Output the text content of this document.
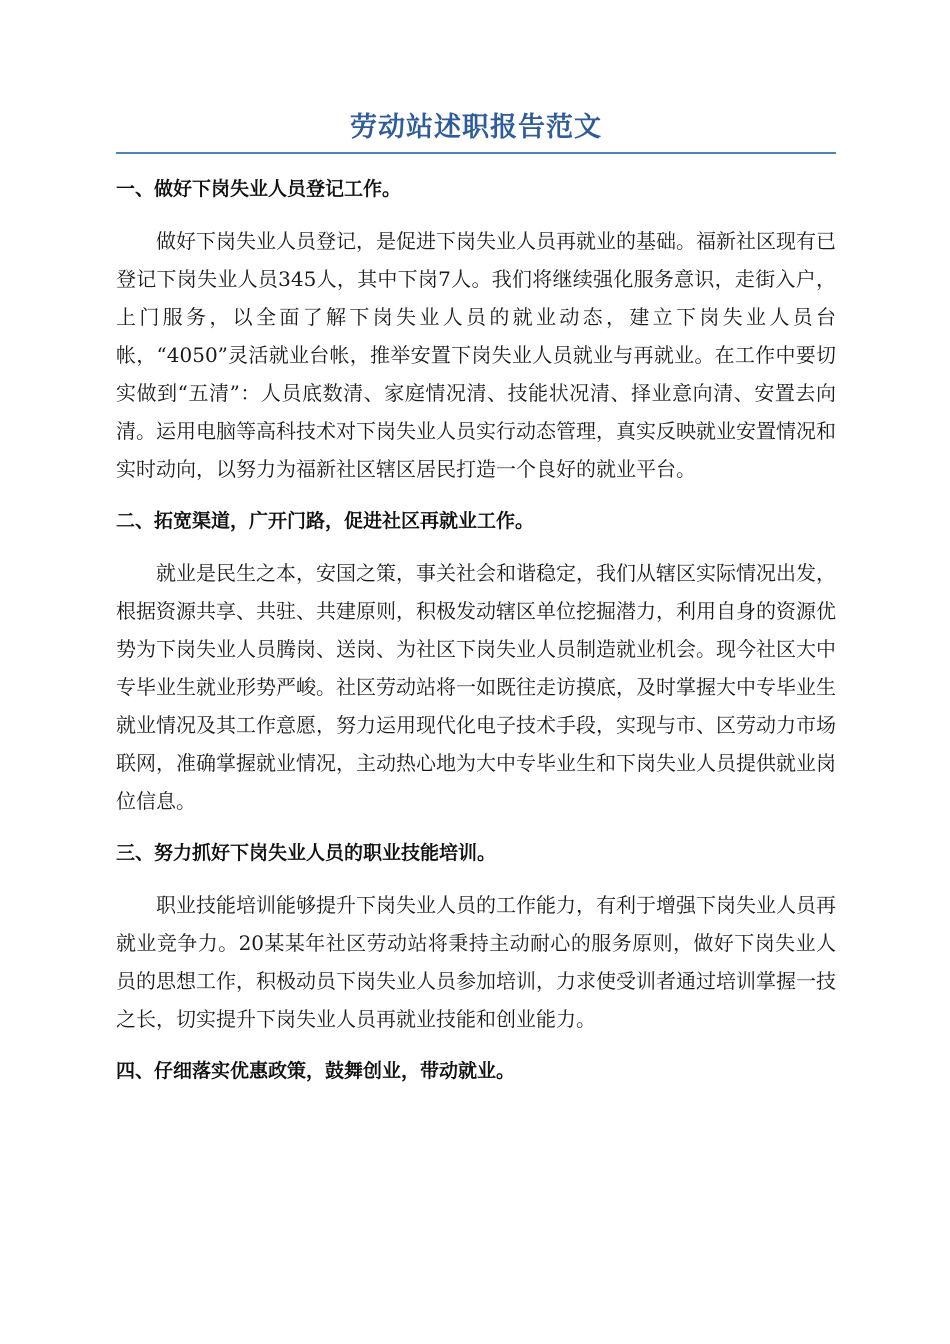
劳动站述职报告范文
一、做好下岗失业人员登记工作。

做好下岗失业人员登记，是促进下岗失业人员再就业的基础。福新社区现有已登记下岗失业人员345人，其中下岗7人。我们将继续强化服务意识，走街入户，上门服务，以全面了解下岗失业人员的就业动态，建立下岗失业人员台帐，“4050”灵活就业台帐，推举安置下岗失业人员就业与再就业。在工作中要切实做到“五清”：人员底数清、家庭情况清、技能状况清、择业意向清、安置去向清。运用电脑等高科技术对下岗失业人员实行动态管理，真实反映就业安置情况和实时动向，以努力为福新社区辖区居民打造一个良好的就业平台。

二、拓宽渠道，广开门路，促进社区再就业工作。

就业是民生之本，安国之策，事关社会和谐稳定，我们从辖区实际情况出发，根据资源共享、共驻、共建原则，积极发动辖区单位挖掘潜力，利用自身的资源优势为下岗失业人员腾岗、送岗、为社区下岗失业人员制造就业机会。现今社区大中专毕业生就业形势严峻。社区劳动站将一如既往走访摸底，及时掌握大中专毕业生就业情况及其工作意愿，努力运用现代化电子技术手段，实现与市、区劳动力市场联网，准确掌握就业情况，主动热心地为大中专毕业生和下岗失业人员提供就业岗位信息。

三、努力抓好下岗失业人员的职业技能培训。

职业技能培训能够提升下岗失业人员的工作能力，有利于增强下岗失业人员再就业竞争力。20某某年社区劳动站将秉持主动耐心的服务原则，做好下岗失业人员的思想工作，积极动员下岗失业人员参加培训，力求使受训者通过培训掌握一技之长，切实提升下岗失业人员再就业技能和创业能力。

四、仔细落实优惠政策，鼓舞创业，带动就业。
